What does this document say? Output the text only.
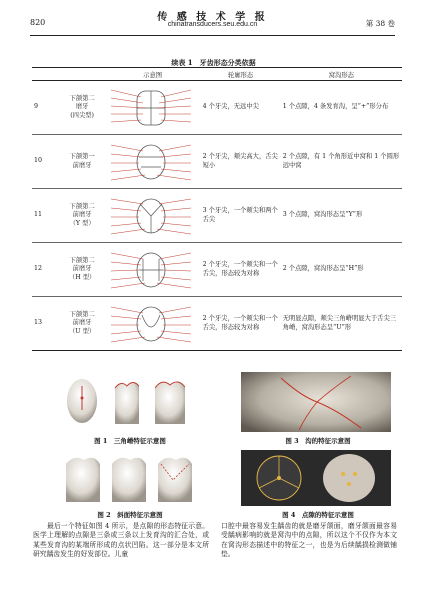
820	传 感 技 术 学 报
chinatransducers.seu.edu.cn	第 38 卷
续表 1　牙齿形态分类依据
		示意图	轮廓形态	窝沟形态
9	下颌第二
磨牙
(四尖型)		4 个牙尖，无远中尖	1 个点隙，4 条发育沟，呈“+”形分布
10	下颌第一
前磨牙		2 个牙尖，颊尖高大，舌尖短小	2 个点隙，有 1 个角形近中窝和 1 个圆形远中窝
11	下颌第二
前磨牙
（Y 型）		3 个牙尖，一个颊尖和两个舌尖	3 个点隙，窝沟形态呈“Y”形
12	下颌第二
前磨牙
（H 型）		2 个牙尖，一个颊尖和一个舌尖，形态较为对称	2 个点隙，窝沟形态呈“H”形
13	下颌第二
前磨牙
（U 型）		2 个牙尖，一个颊尖和一个舌尖，形态较为对称	无明显点隙，颊尖三角嵴明显大于舌尖三角嵴，窝沟形态呈“U”形
图 1　三角嵴特征示意图
图 2　斜面特征示意图
图 3　沟的特征示意图
图 4　点隙的特征示意图
最后一个特征如图 4 所示，是点隙的形态特征示意。医学上理解的点隙是三条或三条以上发育沟的汇合处，或某些发育沟的某端所形成的点状凹陷。这一部分是本文所研究龋齿发生的好发部位。儿童
口腔中最容易发生龋齿的就是磨牙颌面，磨牙颌面最容易受龋病影响的就是窝沟中的点隙，所以这个不仅作为本文在窝沟形态描述中的特征之一，也是为后续龋损检测做铺垫。
